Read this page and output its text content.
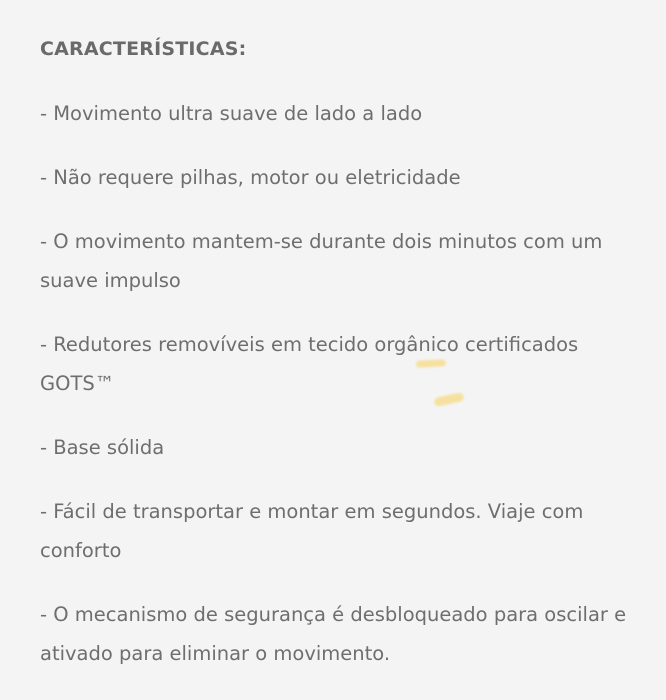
CARACTERÍSTICAS:

- Movimento ultra suave de lado a lado

- Não requere pilhas, motor ou eletricidade

- O movimento mantem-se durante dois minutos com um suave impulso

- Redutores removíveis em tecido orgânico certificados GOTS™

- Base sólida

- Fácil de transportar e montar em segundos. Viaje com conforto

- O mecanismo de segurança é desbloqueado para oscilar e ativado para eliminar o movimento.
